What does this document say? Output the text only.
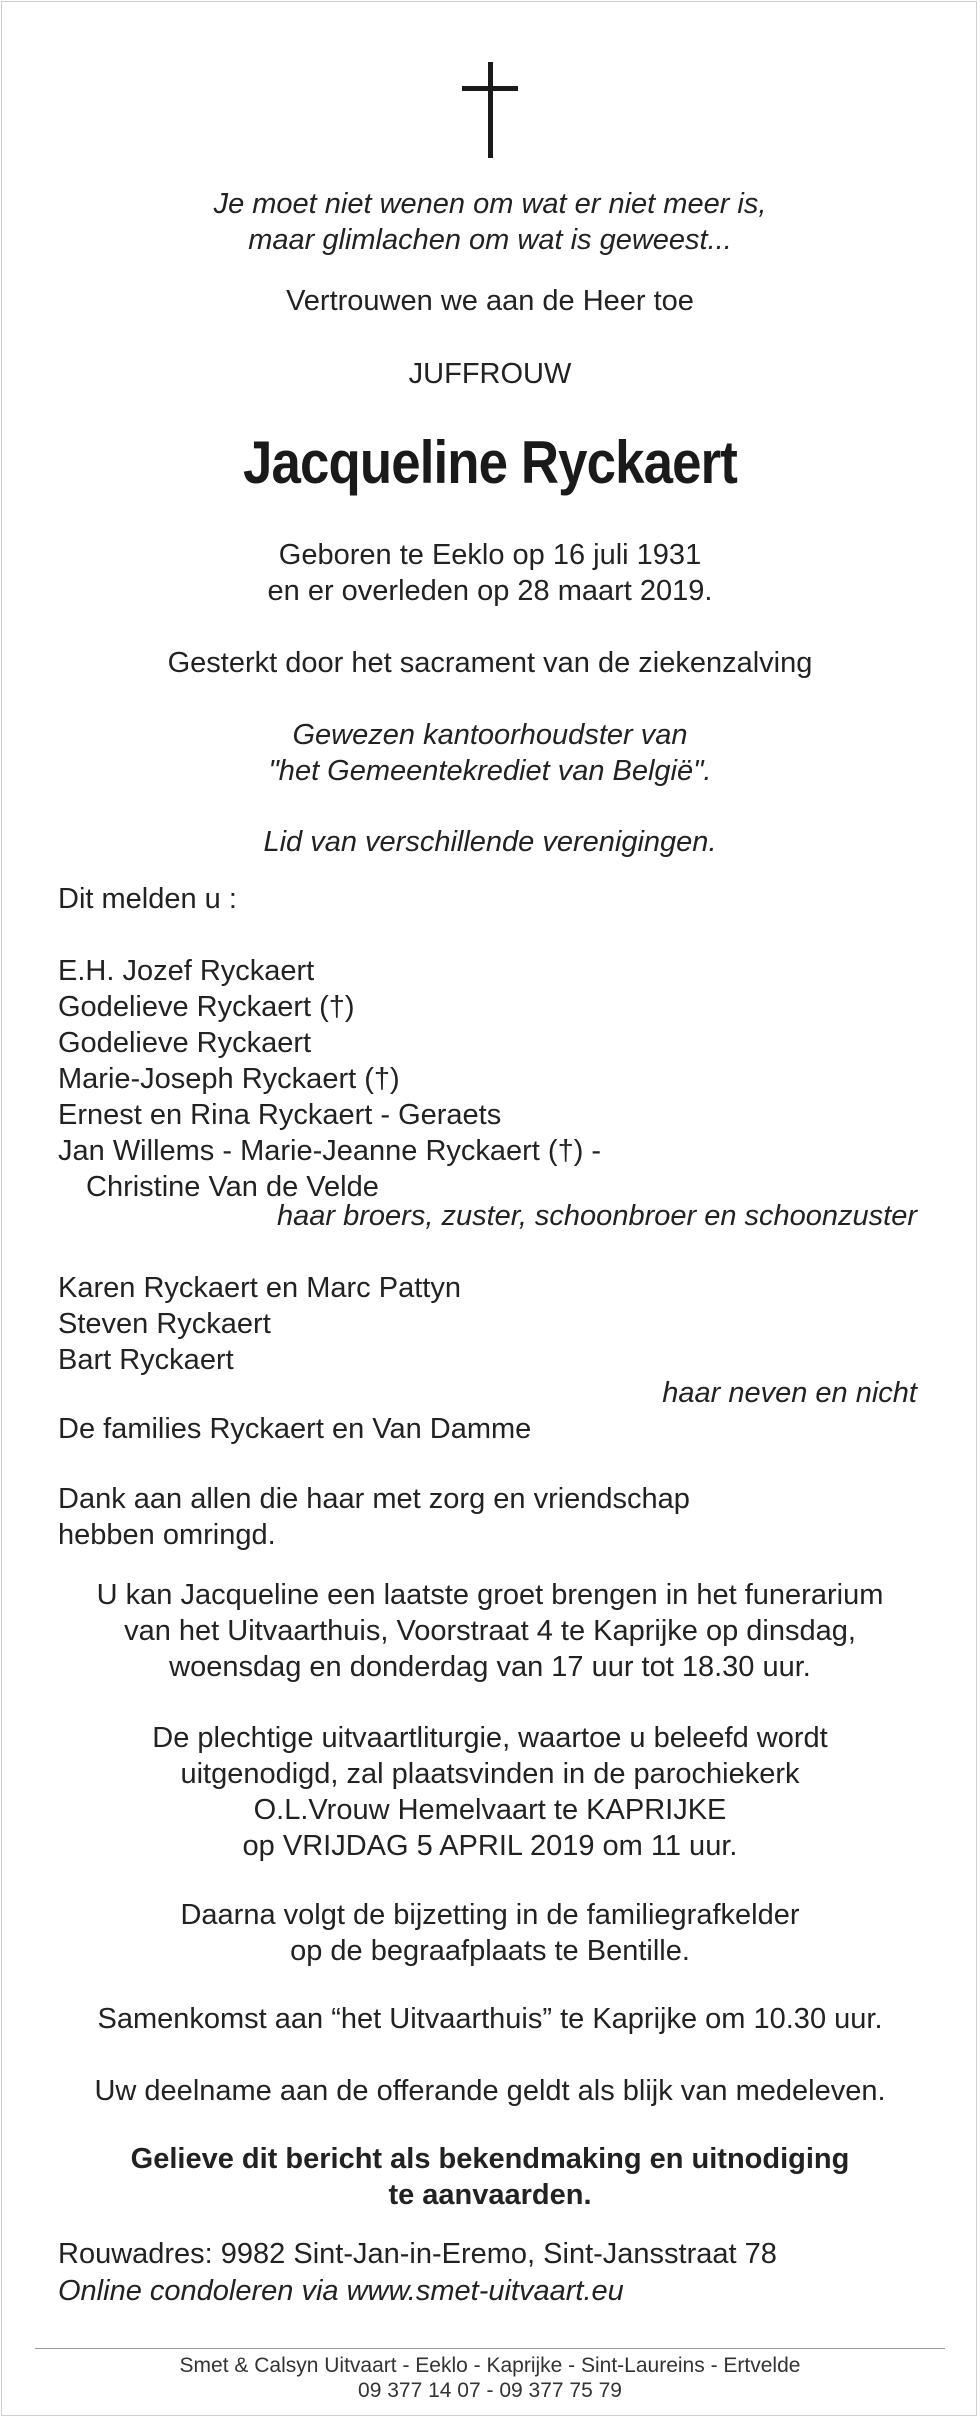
Je moet niet wenen om wat er niet meer is,
maar glimlachen om wat is geweest...
Vertrouwen we aan de Heer toe
JUFFROUW
Jacqueline Ryckaert
Geboren te Eeklo op 16 juli 1931
en er overleden op 28 maart 2019.
Gesterkt door het sacrament van de ziekenzalving
Gewezen kantoorhoudster van
"het Gemeentekrediet van België".
Lid van verschillende verenigingen.
Dit melden u :
E.H. Jozef Ryckaert
Godelieve Ryckaert (†)
Godelieve Ryckaert
Marie-Joseph Ryckaert (†)
Ernest en Rina Ryckaert - Geraets
Jan Willems - Marie-Jeanne Ryckaert (†) -
Christine Van de Velde
haar broers, zuster, schoonbroer en schoonzuster
Karen Ryckaert en Marc Pattyn
Steven Ryckaert
Bart Ryckaert
haar neven en nicht
De families Ryckaert en Van Damme
Dank aan allen die haar met zorg en vriendschap
hebben omringd.
U kan Jacqueline een laatste groet brengen in het funerarium
van het Uitvaarthuis, Voorstraat 4 te Kaprijke op dinsdag,
woensdag en donderdag van 17 uur tot 18.30 uur.
De plechtige uitvaartliturgie, waartoe u beleefd wordt
uitgenodigd, zal plaatsvinden in de parochiekerk
O.L.Vrouw Hemelvaart te KAPRIJKE
op VRIJDAG 5 APRIL 2019 om 11 uur.
Daarna volgt de bijzetting in de familiegrafkelder
op de begraafplaats te Bentille.
Samenkomst aan “het Uitvaarthuis” te Kaprijke om 10.30 uur.
Uw deelname aan de offerande geldt als blijk van medeleven.
Gelieve dit bericht als bekendmaking en uitnodiging
te aanvaarden.
Rouwadres: 9982 Sint-Jan-in-Eremo, Sint-Jansstraat 78
Online condoleren via www.smet-uitvaart.eu
Smet & Calsyn Uitvaart - Eeklo - Kaprijke - Sint-Laureins - Ertvelde
09 377 14 07 - 09 377 75 79
